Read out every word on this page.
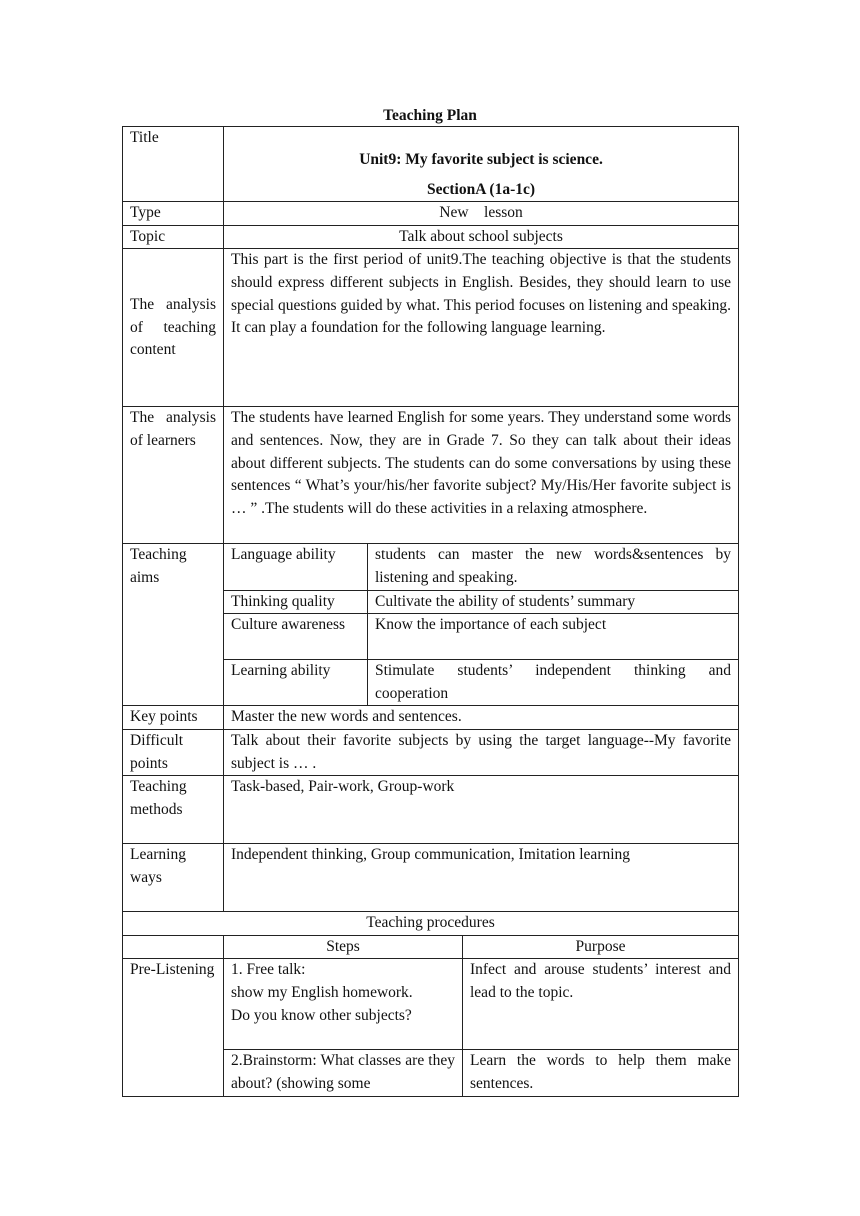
Teaching Plan
Title	Unit9: My favorite subject is science.
SectionA (1a-1c)		

Type	New    lesson		
Topic	Talk about school subjects		
The analysis of teaching content	This part is the first period of unit9.The teaching objective is that the students should express different subjects in English. Besides, they should learn to use special questions guided by what. This period focuses on listening and speaking. It can play a foundation for the following language learning.		
The analysis of learners	The students have learned English for some years. They understand some words and sentences. Now, they are in Grade 7. So they can talk about their ideas about different subjects. The students can do some conversations by using these sentences “ What’s your/his/her favorite subject? My/His/Her favorite subject is … ” .The students will do these activities in a relaxing atmosphere.		
Teaching aims	Language ability	students can master the new words&sentences by listening and speaking.	
	Thinking quality	Cultivate the ability of students’ summary	
	Culture awareness	Know the importance of each subject	
	Learning ability	Stimulate students’ independent thinking and cooperation	
Key points	Master the new words and sentences.		
Difficult points	Talk about their favorite subjects by using the target language--My favorite subject is … .		
Teaching methods	Task-based, Pair-work, Group-work		
Learning ways	Independent thinking, Group communication, Imitation learning		
Teaching procedures			
	Steps		Purpose
Pre-Listening	1. Free talk:
show my English homework.
Do you know other subjects?		Infect and arouse students’ interest and lead to the topic.

	2.Brainstorm: What classes are they about? (showing some		Learn the words to help them make sentences.
